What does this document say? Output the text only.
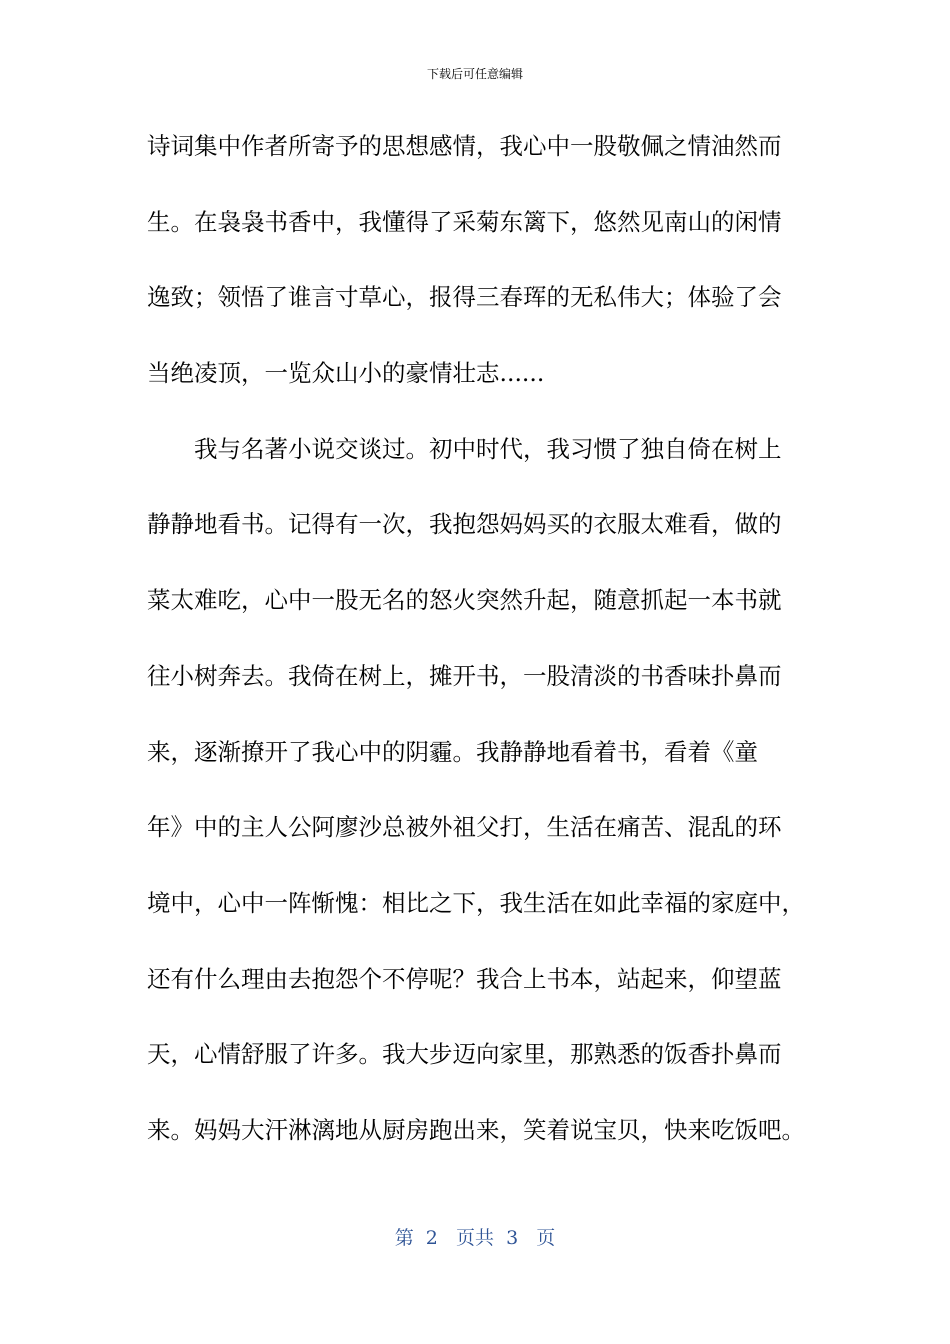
下载后可任意编辑
诗词集中作者所寄予的思想感情，我心中一股敬佩之情油然而
生。在袅袅书香中，我懂得了采菊东篱下，悠然见南山的闲情
逸致；领悟了谁言寸草心，报得三春珲的无私伟大；体验了会
当绝凌顶，一览众山小的豪情壮志......
我与名著小说交谈过。初中时代，我习惯了独自倚在树上
静静地看书。记得有一次，我抱怨妈妈买的衣服太难看，做的
菜太难吃，心中一股无名的怒火突然升起，随意抓起一本书就
往小树奔去。我倚在树上，摊开书，一股清淡的书香味扑鼻而
来，逐渐撩开了我心中的阴霾。我静静地看着书，看着《童
年》中的主人公阿廖沙总被外祖父打，生活在痛苦、混乱的环
境中，心中一阵惭愧：相比之下，我生活在如此幸福的家庭中，
还有什么理由去抱怨个不停呢？我合上书本，站起来，仰望蓝
天，心情舒服了许多。我大步迈向家里，那熟悉的饭香扑鼻而
来。妈妈大汗淋漓地从厨房跑出来，笑着说宝贝，快来吃饭吧。
第  2   页共  3   页
